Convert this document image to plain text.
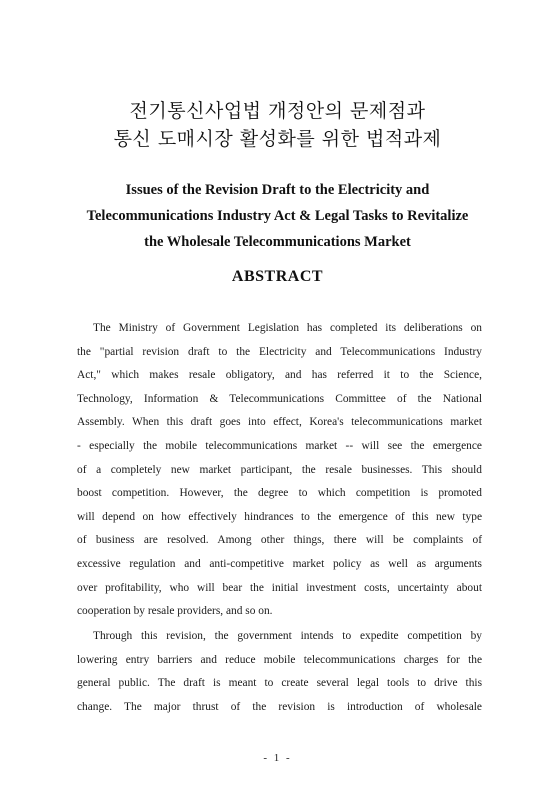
전기통신사업법 개정안의 문제점과
통신 도매시장 활성화를 위한 법적과제
Issues of the Revision Draft to the Electricity and
Telecommunications Industry Act & Legal Tasks to Revitalize
the Wholesale Telecommunications Market
ABSTRACT
The Ministry of Government Legislation has completed its deliberations on
the "partial revision draft to the Electricity and Telecommunications Industry
Act," which makes resale obligatory, and has referred it to the Science,
Technology, Information & Telecommunications Committee of the National
Assembly. When this draft goes into effect, Korea's telecommunications market
- especially the mobile telecommunications market -- will see the emergence
of a completely new market participant, the resale businesses. This should
boost competition. However, the degree to which competition is promoted
will depend on how effectively hindrances to the emergence of this new type
of business are resolved. Among other things, there will be complaints of
excessive regulation and anti-competitive market policy as well as arguments
over profitability, who will bear the initial investment costs, uncertainty about
cooperation by resale providers, and so on.
Through this revision, the government intends to expedite competition by
lowering entry barriers and reduce mobile telecommunications charges for the
general public. The draft is meant to create several legal tools to drive this
change. The major thrust of the revision is introduction of wholesale
- 1 -
